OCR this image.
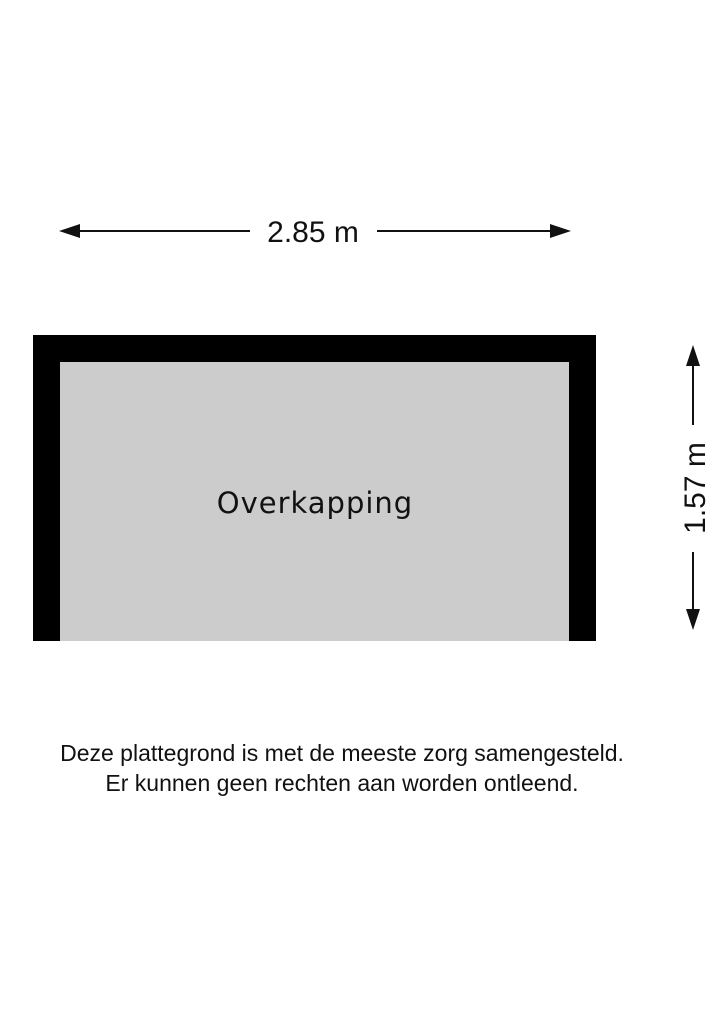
2.85 m
Overkapping	1.57 m
Deze plattegrond is met de meeste zorg samengesteld.
Er kunnen geen rechten aan worden ontleend.
